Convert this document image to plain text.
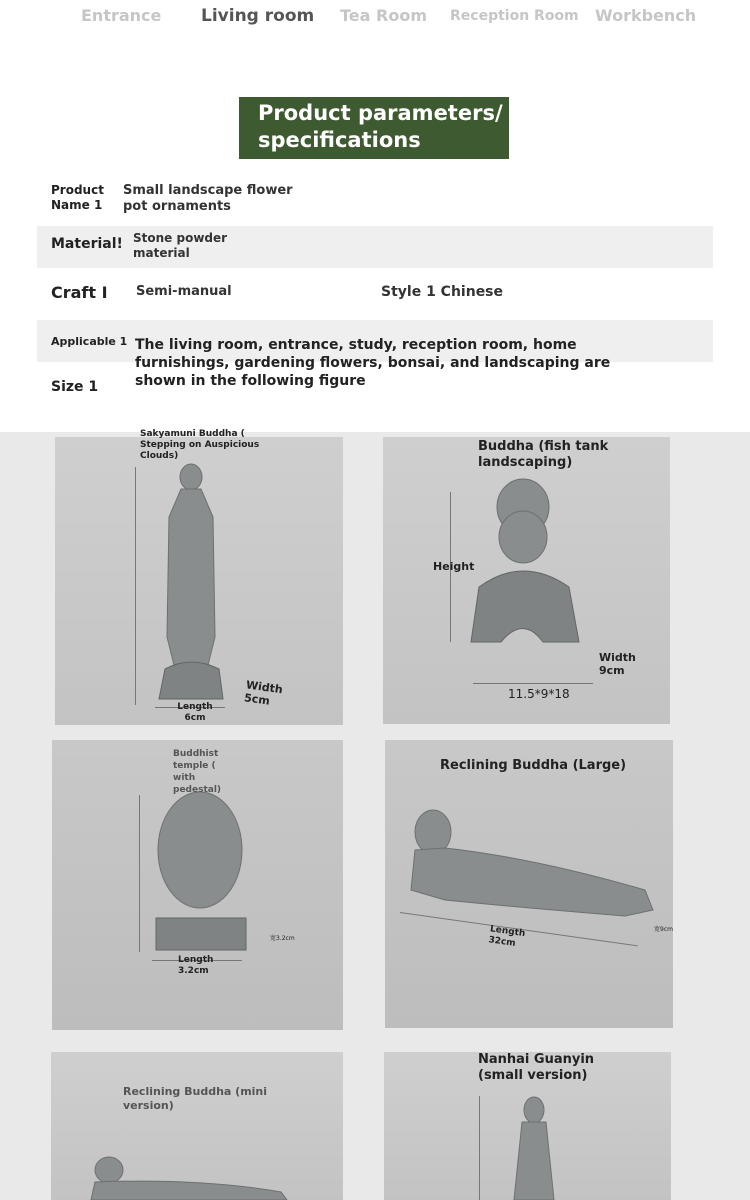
Entrance Living room Tea Room Reception Room Workbench
Product parameters/ specifications
Product Name 1
Small landscape flower pot ornaments
Material! Stone powder material
Craft I Semi-manual	Style 1 Chinese
Applicable 1 The living room, entrance, study, reception room, home furnishings, gardening flowers, bonsai, and landscaping are shown in the following figure
Size 1
Sakyamuni Buddha ( Stepping on Auspicious Clouds)
Length 6cm
Width 5cm
Buddha (fish tank landscaping)
Height
Width 9cm
11.5*9*18
Buddhist temple ( with pedestal)
Length 3.2cm
宽3.2cm
Reclining Buddha (Large)
Length 32cm
宽9cm
Reclining Buddha (mini version)
Nanhai Guanyin (small version)
